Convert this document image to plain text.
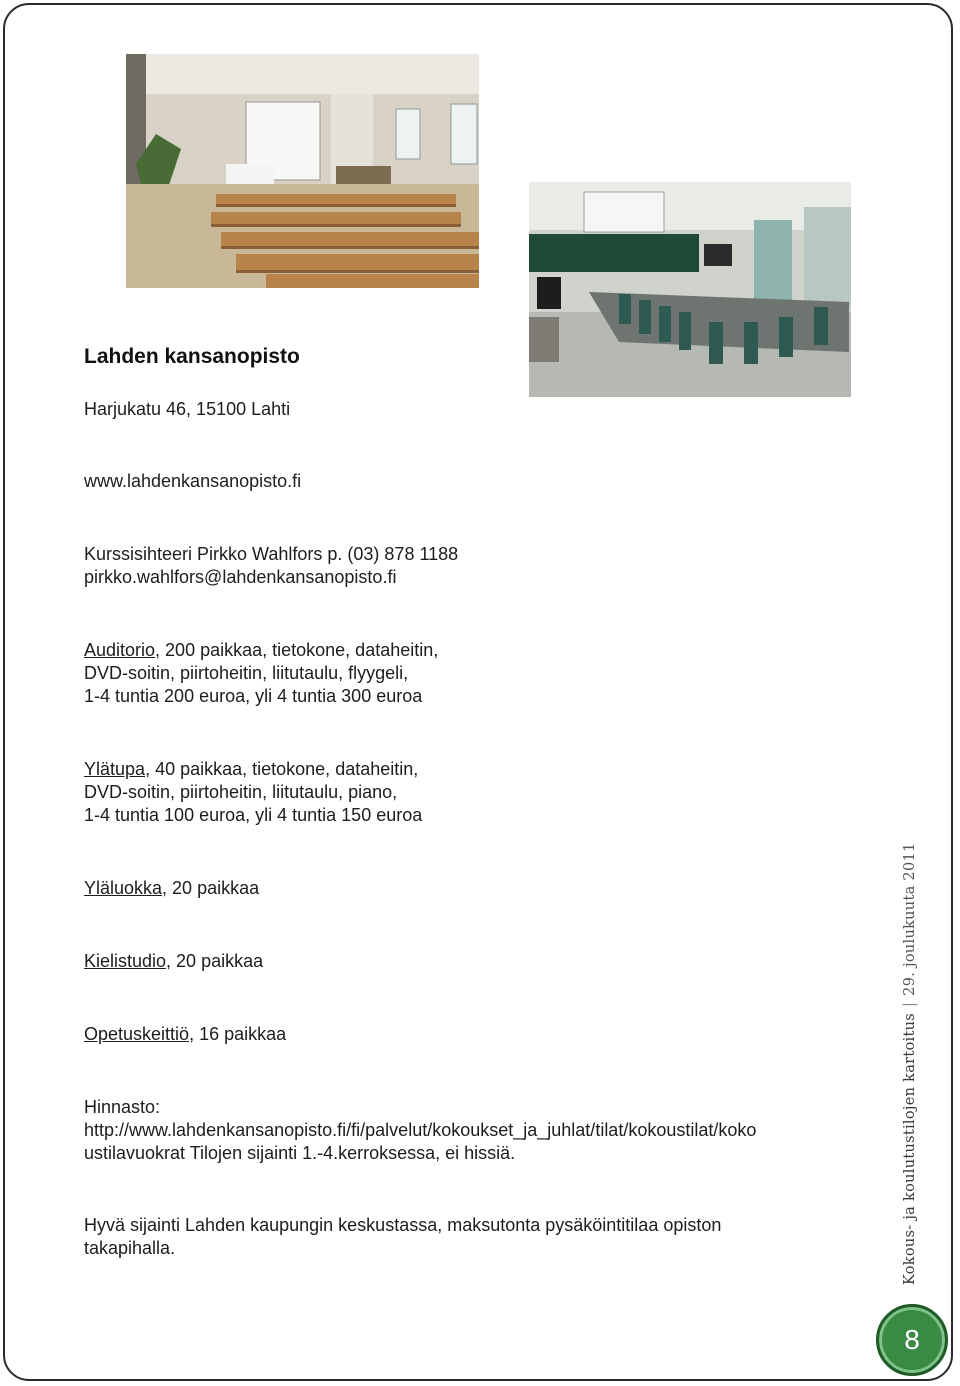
Lahden kansanopisto

Harjukatu 46, 15100 Lahti

www.lahdenkansanopisto.fi

Kurssisihteeri Pirkko Wahlfors p. (03) 878 1188

pirkko.wahlfors@lahdenkansanopisto.fi

Auditorio, 200 paikkaa, tietokone, dataheitin,

DVD-soitin, piirtoheitin, liitutaulu, flyygeli,

1-4 tuntia 200 euroa, yli 4 tuntia 300 euroa

Ylätupa, 40 paikkaa, tietokone, dataheitin,

DVD-soitin, piirtoheitin, liitutaulu, piano,

1-4 tuntia 100 euroa, yli 4 tuntia 150 euroa

Yläluokka, 20 paikkaa

Kielistudio, 20 paikkaa

Opetuskeittiö, 16 paikkaa

Hinnasto:

http://www.lahdenkansanopisto.fi/fi/palvelut/kokoukset_ja_juhlat/tilat/kokoustilat/koko

ustilavuokrat Tilojen sijainti 1.-4.kerroksessa, ei hissiä.

Hyvä sijainti Lahden kaupungin keskustassa, maksutonta pysäköintitilaa opiston

takapihalla.	Kokous- ja koulutustilojen kartoitus|29. joulukuuta 2011
8
